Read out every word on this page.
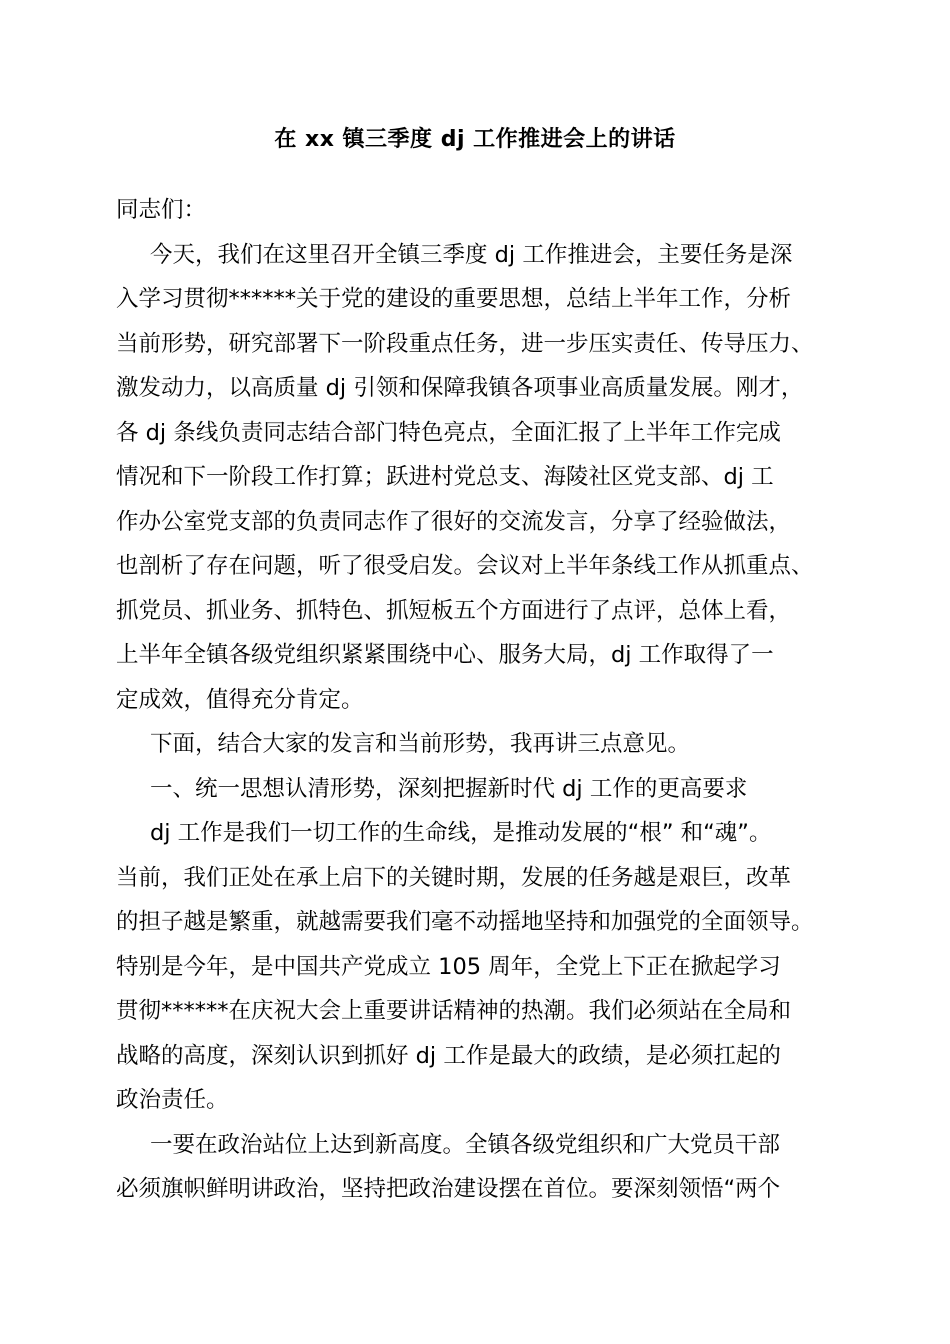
在 xx 镇三季度 dj 工作推进会上的讲话
同志们：
今天，我们在这里召开全镇三季度 dj 工作推进会，主要任务是深
入学习贯彻******关于党的建设的重要思想，总结上半年工作，分析
当前形势，研究部署下一阶段重点任务，进一步压实责任、传导压力、
激发动力，以高质量 dj 引领和保障我镇各项事业高质量发展。刚才，
各 dj 条线负责同志结合部门特色亮点，全面汇报了上半年工作完成
情况和下一阶段工作打算；跃进村党总支、海陵社区党支部、dj 工
作办公室党支部的负责同志作了很好的交流发言，分享了经验做法，
也剖析了存在问题，听了很受启发。会议对上半年条线工作从抓重点、
抓党员、抓业务、抓特色、抓短板五个方面进行了点评，总体上看，
上半年全镇各级党组织紧紧围绕中心、服务大局，dj 工作取得了一
定成效，值得充分肯定。
下面，结合大家的发言和当前形势，我再讲三点意见。
一、统一思想认清形势，深刻把握新时代 dj 工作的更高要求
dj 工作是我们一切工作的生命线，是推动发展的“根” 和“魂”。
当前，我们正处在承上启下的关键时期，发展的任务越是艰巨，改革
的担子越是繁重，就越需要我们毫不动摇地坚持和加强党的全面领导。
特别是今年，是中国共产党成立 105 周年，全党上下正在掀起学习
贯彻******在庆祝大会上重要讲话精神的热潮。我们必须站在全局和
战略的高度，深刻认识到抓好 dj 工作是最大的政绩，是必须扛起的
政治责任。
一要在政治站位上达到新高度。全镇各级党组织和广大党员干部
必须旗帜鲜明讲政治，坚持把政治建设摆在首位。要深刻领悟“两个
